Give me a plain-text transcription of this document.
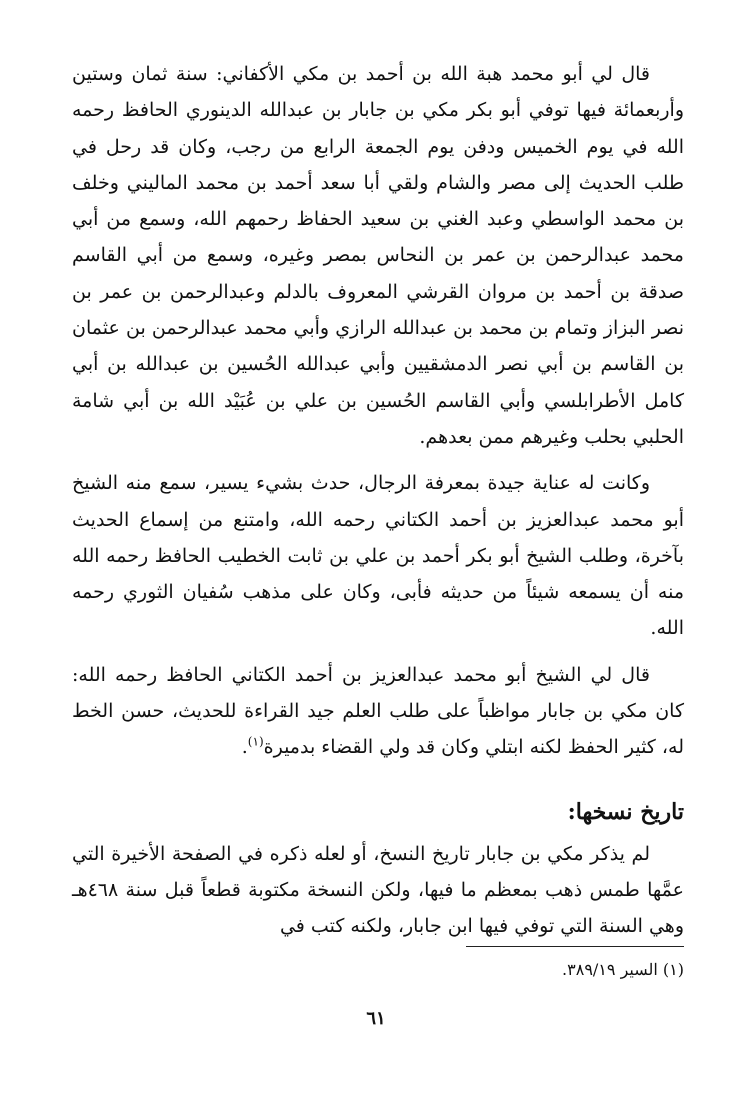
قال لي أبو محمد هبة الله بن أحمد بن مكي الأكفاني: سنة ثمان وستين وأربعمائة فيها توفي أبو بكر مكي بن جابار بن عبدالله الدينوري الحافظ رحمه الله في يوم الخميس ودفن يوم الجمعة الرابع من رجب، وكان قد رحل في طلب الحديث إلى مصر والشام ولقي أبا سعد أحمد بن محمد الماليني وخلف بن محمد الواسطي وعبد الغني بن سعيد الحفاظ رحمهم الله، وسمع من أبي محمد عبدالرحمن بن عمر بن النحاس بمصر وغيره، وسمع من أبي القاسم صدقة بن أحمد بن مروان القرشي المعروف بالدلم وعبدالرحمن بن عمر بن نصر البزاز وتمام بن محمد بن عبدالله الرازي وأبي محمد عبدالرحمن بن عثمان بن القاسم بن أبي نصر الدمشقيين وأبي عبدالله الحُسين بن عبدالله بن أبي كامل الأطرابلسي وأبي القاسم الحُسين بن علي بن عُبَيْد الله بن أبي شامة الحلبي بحلب وغيرهم ممن بعدهم.
وكانت له عناية جيدة بمعرفة الرجال، حدث بشيء يسير، سمع منه الشيخ أبو محمد عبدالعزيز بن أحمد الكتاني رحمه الله، وامتنع من إسماع الحديث بآخرة، وطلب الشيخ أبو بكر أحمد بن علي بن ثابت الخطيب الحافظ رحمه الله منه أن يسمعه شيئاً من حديثه فأبى، وكان على مذهب سُفيان الثوري رحمه الله.
قال لي الشيخ أبو محمد عبدالعزيز بن أحمد الكتاني الحافظ رحمه الله: كان مكي بن جابار مواظباً على طلب العلم جيد القراءة للحديث، حسن الخط له، كثير الحفظ لكنه ابتلي وكان قد ولي القضاء بدميرة$^{(١)}$.
تاريخ نسخها:
لم يذكر مكي بن جابار تاريخ النسخ، أو لعله ذكره في الصفحة الأخيرة التي عمَّها طمس ذهب بمعظم ما فيها، ولكن النسخة مكتوبة قطعاً قبل سنة ٤٦٨هـ وهي السنة التي توفي فيها ابن جابار، ولكنه كتب في
(١) السير ٣٨٩/١٩.
٦١
